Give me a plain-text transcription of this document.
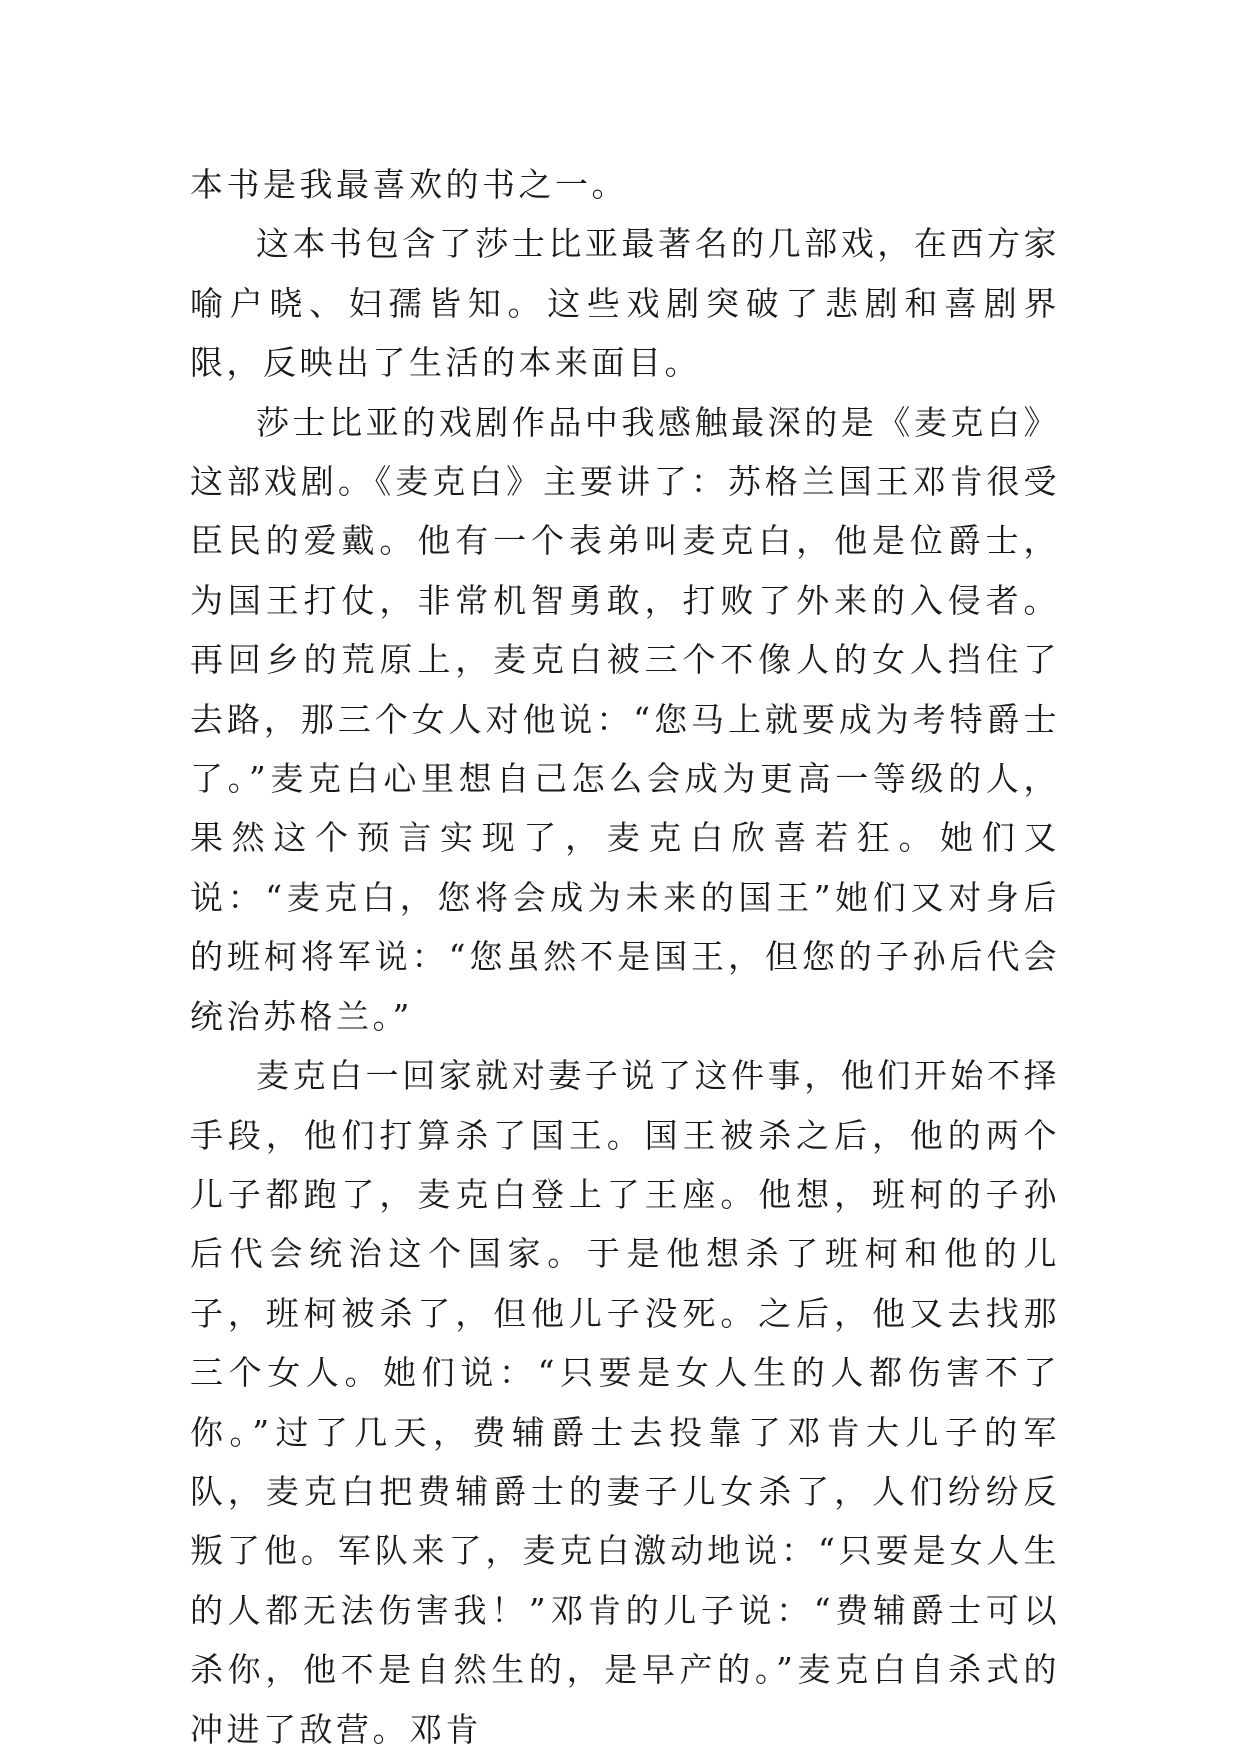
本书是我最喜欢的书之一。

这本书包含了莎士比亚最著名的几部戏，在西方家喻户晓、妇孺皆知。这些戏剧突破了悲剧和喜剧界限，反映出了生活的本来面目。

莎士比亚的戏剧作品中我感触最深的是《麦克白》这部戏剧。《麦克白》主要讲了：苏格兰国王邓肯很受臣民的爱戴。他有一个表弟叫麦克白，他是位爵士，为国王打仗，非常机智勇敢，打败了外来的入侵者。再回乡的荒原上，麦克白被三个不像人的女人挡住了去路，那三个女人对他说：“您马上就要成为考特爵士了。”麦克白心里想自己怎么会成为更高一等级的人，果然这个预言实现了，麦克白欣喜若狂。她们又说：“麦克白，您将会成为未来的国王”她们又对身后的班柯将军说：“您虽然不是国王，但您的子孙后代会统治苏格兰。”

麦克白一回家就对妻子说了这件事，他们开始不择手段，他们打算杀了国王。国王被杀之后，他的两个儿子都跑了，麦克白登上了王座。他想，班柯的子孙后代会统治这个国家。于是他想杀了班柯和他的儿子，班柯被杀了，但他儿子没死。之后，他又去找那三个女人。她们说：“只要是女人生的人都伤害不了你。”过了几天，费辅爵士去投靠了邓肯大儿子的军队，麦克白把费辅爵士的妻子儿女杀了，人们纷纷反叛了他。军队来了，麦克白激动地说：“只要是女人生的人都无法伤害我！”邓肯的儿子说：“费辅爵士可以杀你，他不是自然生的，是早产的。”麦克白自杀式的冲进了敌营。邓肯
